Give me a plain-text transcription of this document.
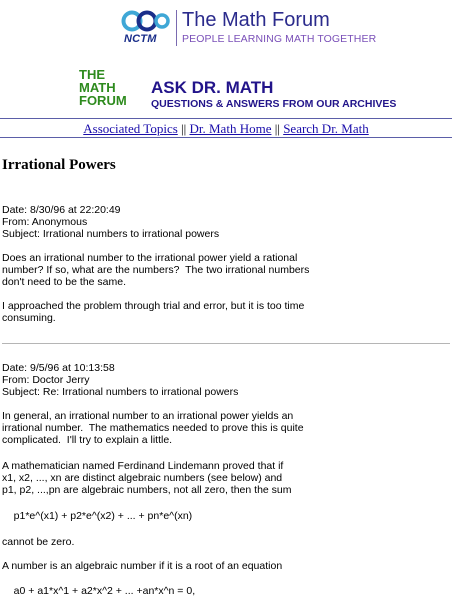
NCTM
The Math Forum
PEOPLE LEARNING MATH TOGETHER
THE
MATH
FORUM
ASK DR. MATH
QUESTIONS & ANSWERS FROM OUR ARCHIVES
Associated Topics || Dr. Math Home || Search Dr. Math
Irrational Powers
Date: 8/30/96 at 22:20:49
From: Anonymous
Subject: Irrational numbers to irrational powers
Does an irrational number to the irrational power yield a rational
number? If so, what are the numbers?  The two irrational numbers
don't need to be the same.
I approached the problem through trial and error, but it is too time
consuming.
Date: 9/5/96 at 10:13:58
From: Doctor Jerry
Subject: Re: Irrational numbers to irrational powers
In general, an irrational number to an irrational power yields an
irrational number.  The mathematics needed to prove this is quite
complicated.  I'll try to explain a little.
A mathematician named Ferdinand Lindemann proved that if
x1, x2, ..., xn are distinct algebraic numbers (see below) and
p1, p2, ...,pn are algebraic numbers, not all zero, then the sum
p1*e^(x1) + p2*e^(x2) + ... + pn*e^(xn)
cannot be zero.
A number is an algebraic number if it is a root of an equation
a0 + a1*x^1 + a2*x^2 + ... +an*x^n = 0,
